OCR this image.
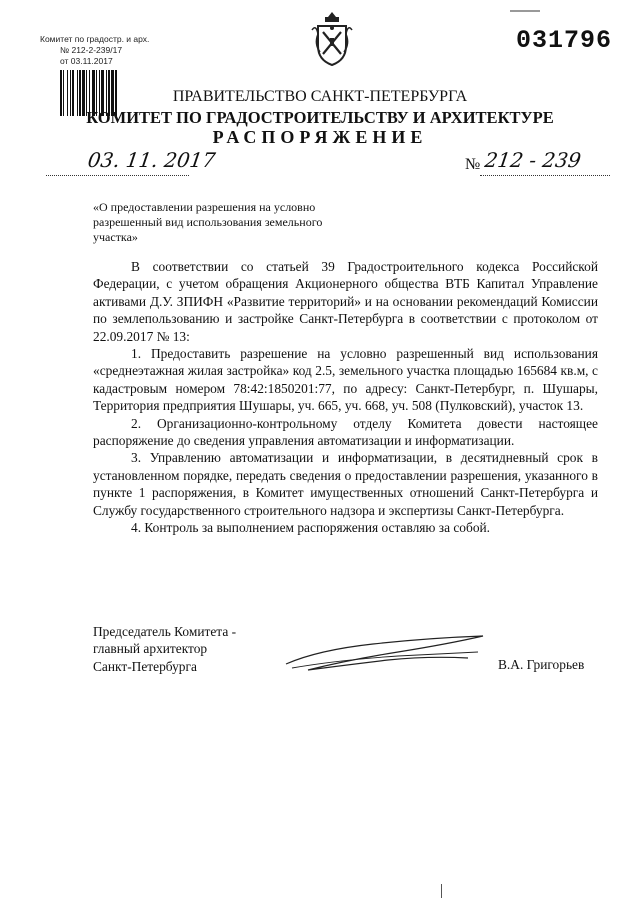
Комитет по градостр. и арх.
№ 212-2-239/17
от 03.11.2017
031796
ПРАВИТЕЛЬСТВО САНКТ-ПЕТЕРБУРГА
КОМИТЕТ ПО ГРАДОСТРОИТЕЛЬСТВУ И АРХИТЕКТУРЕ
РАСПОРЯЖЕНИЕ
03. 11. 2017	№ 212 - 239
«О предоставлении разрешения на условно разрешенный вид использования земельного участка»

В соответствии со статьей 39 Градостроительного кодекса Российской Федерации, с учетом обращения Акционерного общества ВТБ Капитал Управление активами Д.У. ЗПИФН «Развитие территорий» и на основании рекомендаций Комиссии по землепользованию и застройке Санкт-Петербурга в соответствии с протоколом от 22.09.2017 № 13:

1. Предоставить разрешение на условно разрешенный вид использования «среднеэтажная жилая застройка» код 2.5, земельного участка площадью 165684 кв.м, с кадастровым номером 78:42:1850201:77, по адресу: Санкт-Петербург, п. Шушары, Территория предприятия Шушары, уч. 665, уч. 668, уч. 508 (Пулковский), участок 13.

2. Организационно-контрольному отделу Комитета довести настоящее распоряжение до сведения управления автоматизации и информатизации.

3. Управлению автоматизации и информатизации, в десятидневный срок в установленном порядке, передать сведения о предоставлении разрешения, указанного в пункте 1 распоряжения, в Комитет имущественных отношений Санкт-Петербурга и Службу государственного строительного надзора и экспертизы Санкт-Петербурга.

4. Контроль за выполнением распоряжения оставляю за собой.

Председатель Комитета -
главный архитектор
Санкт-Петербурга	В.А. Григорьев
